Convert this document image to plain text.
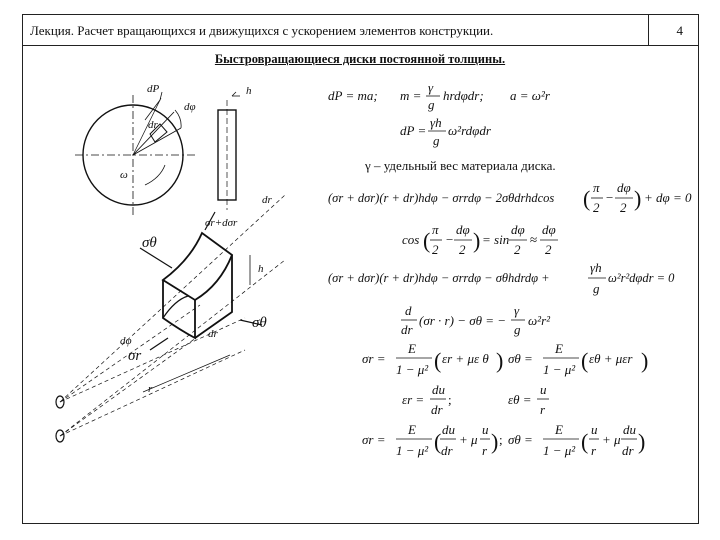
Лекция. Расчет вращающихся и движущихся с ускорением элементов конструкции.	4
Быстровращающиеся диски постоянной толщины.
dP
dφ
dr
ω
h
σθ
σr+dσr
σθ
σr
h
dr
dφ
r
dr
dP = ma; m =
γ
g
hrdφdr; a = ω²r
dP =
γh
g
ω²rdφdr
γ – удельный вес материала диска.
(σr + dσr)(r + dr)hdφ − σrrdφ − 2σθdrhdcos ( π
2
−
dφ
2 ) + dφ = 0
cos ( π
2
−
dφ
2 ) = sin
dφ
2
≈
dφ
2
(σr + dσr)(r + dr)hdφ − σrrdφ − σθhdrdφ +
γh
g
ω²r²dφdr = 0
d
dr
(σr · r) − σθ = −
γ
g
ω²r²
σr =
E
1 − μ² ( εr + με θ ) σθ =
E
1 − μ² ( εθ + μεr )
εr =
du
dr
;	εθ =
u
r
σr =
E
1 − μ² ( du
dr
+ μ
u
r ) ; σθ =
E
1 − μ² ( u
r
+ μ
du
dr )
